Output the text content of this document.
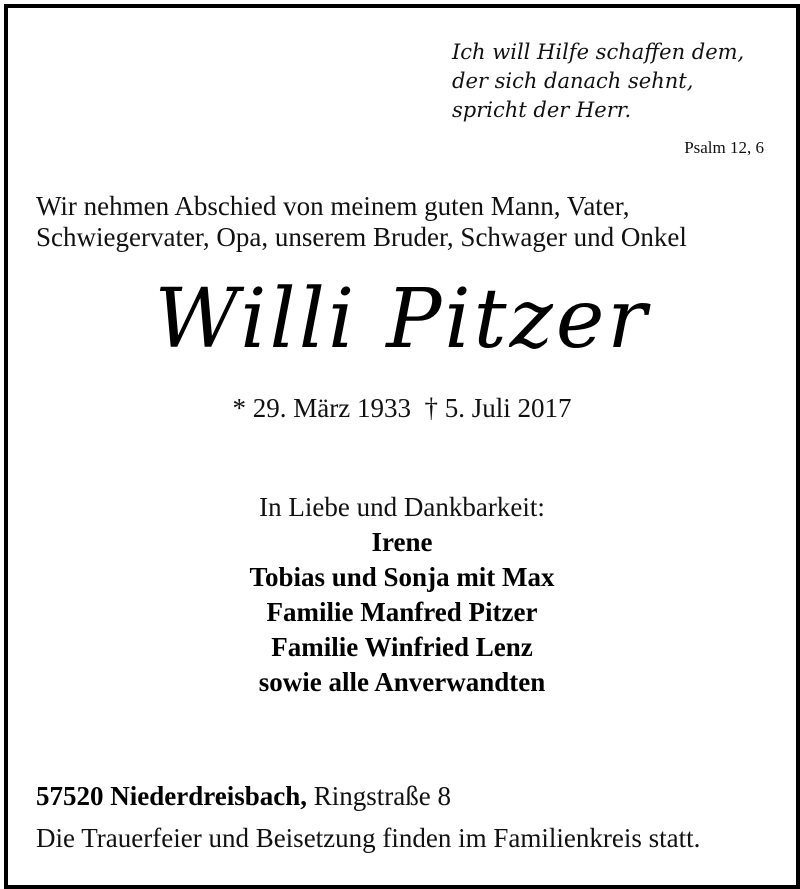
Ich will Hilfe schaffen dem,
der sich danach sehnt,
spricht der Herr.
Psalm 12, 6
Wir nehmen Abschied von meinem guten Mann, Vater,
Schwiegervater, Opa, unserem Bruder, Schwager und Onkel
Willi Pitzer
* 29. März 1933 † 5. Juli 2017
In Liebe und Dankbarkeit:
Irene
Tobias und Sonja mit Max
Familie Manfred Pitzer
Familie Winfried Lenz
sowie alle Anverwandten
57520 Niederdreisbach, Ringstraße 8
Die Trauerfeier und Beisetzung finden im Familienkreis statt.
